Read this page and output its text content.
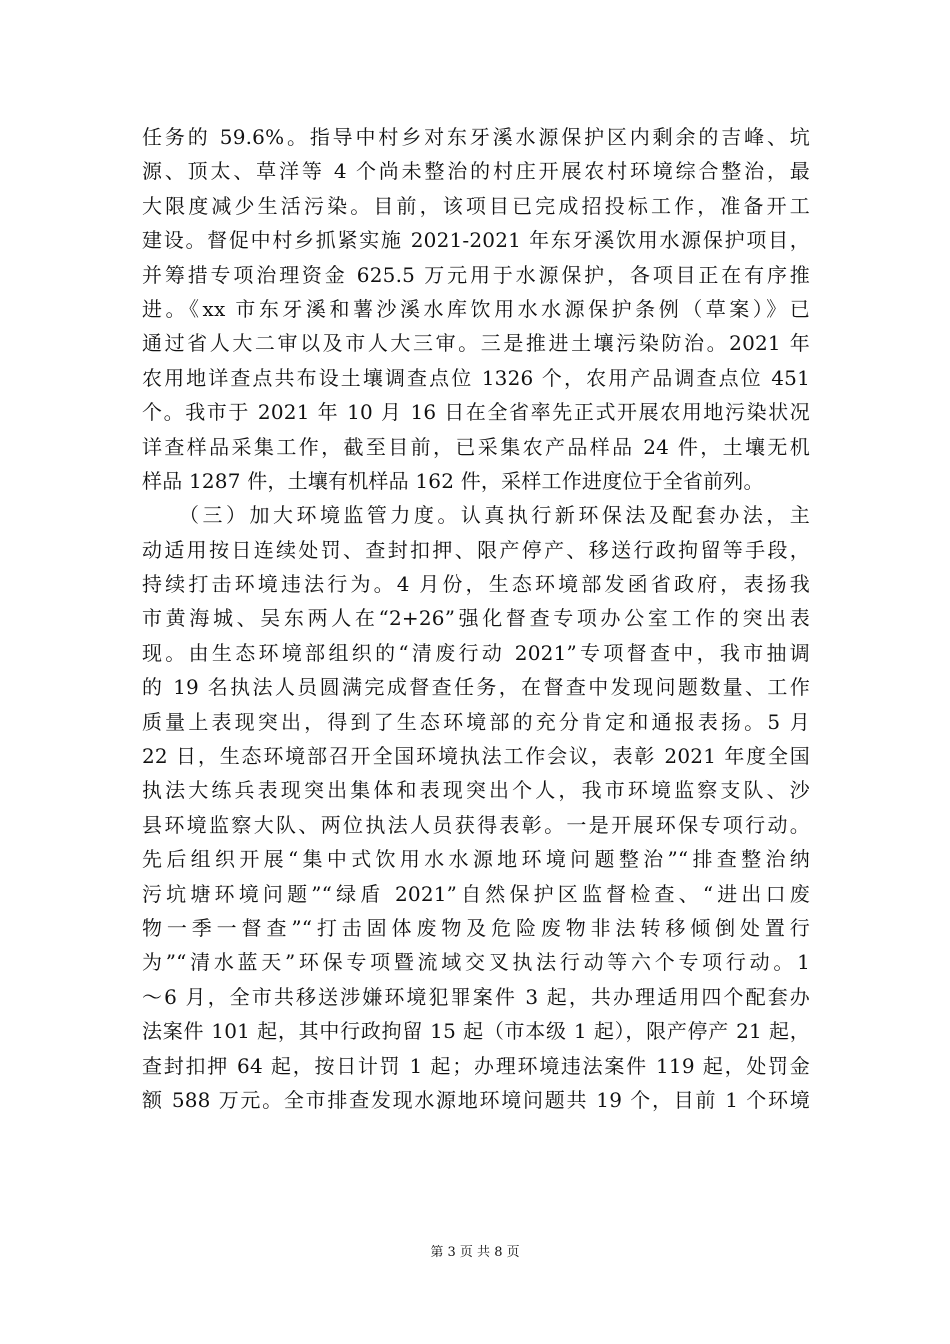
任务的 59.6%。指导中村乡对东牙溪水源保护区内剩余的吉峰、坑
源、顶太、草洋等 4 个尚未整治的村庄开展农村环境综合整治，最
大限度减少生活污染。目前，该项目已完成招投标工作，准备开工
建设。督促中村乡抓紧实施 2021-2021 年东牙溪饮用水源保护项目，
并筹措专项治理资金 625.5 万元用于水源保护，各项目正在有序推
进。《xx 市东牙溪和薯沙溪水库饮用水水源保护条例（草案）》已
通过省人大二审以及市人大三审。三是推进土壤污染防治。2021 年
农用地详查点共布设土壤调查点位 1326 个，农用产品调查点位 451
个。我市于 2021 年 10 月 16 日在全省率先正式开展农用地污染状况
详查样品采集工作，截至目前，已采集农产品样品 24 件，土壤无机
样品 1287 件，土壤有机样品 162 件，采样工作进度位于全省前列。
　　（三）加大环境监管力度。认真执行新环保法及配套办法，主
动适用按日连续处罚、查封扣押、限产停产、移送行政拘留等手段，
持续打击环境违法行为。4 月份，生态环境部发函省政府，表扬我
市黄海城、吴东两人在“2+26”强化督查专项办公室工作的突出表
现。由生态环境部组织的“清废行动 2021”专项督查中，我市抽调
的 19 名执法人员圆满完成督查任务，在督查中发现问题数量、工作
质量上表现突出，得到了生态环境部的充分肯定和通报表扬。5 月
22 日，生态环境部召开全国环境执法工作会议，表彰 2021 年度全国
执法大练兵表现突出集体和表现突出个人，我市环境监察支队、沙
县环境监察大队、两位执法人员获得表彰。一是开展环保专项行动。
先后组织开展“集中式饮用水水源地环境问题整治”“排查整治纳
污坑塘环境问题”“绿盾 2021”自然保护区监督检查、“进出口废
物一季一督查”“打击固体废物及危险废物非法转移倾倒处置行
为”“清水蓝天”环保专项暨流域交叉执法行动等六个专项行动。1
～6 月，全市共移送涉嫌环境犯罪案件 3 起，共办理适用四个配套办
法案件 101 起，其中行政拘留 15 起（市本级 1 起），限产停产 21 起，
查封扣押 64 起，按日计罚 1 起；办理环境违法案件 119 起，处罚金
额 588 万元。全市排查发现水源地环境问题共 19 个，目前 1 个环境
第 3 页 共 8 页
